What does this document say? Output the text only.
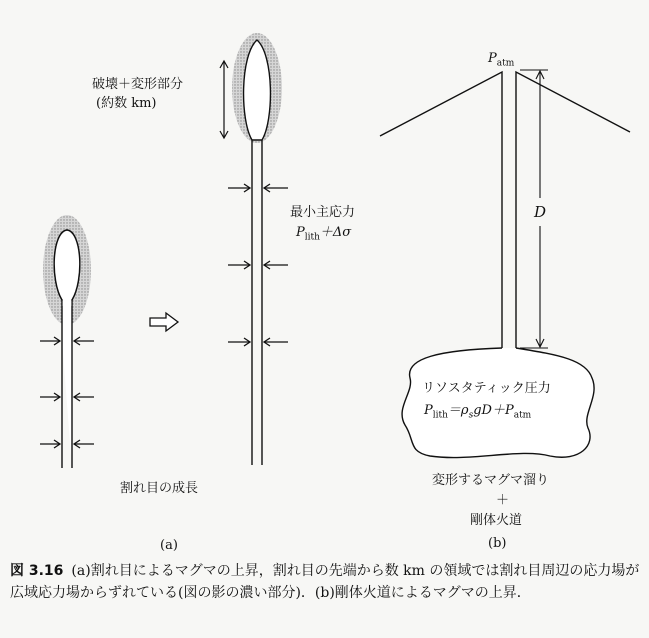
破壊＋変形部分
(約数 km)
最小主応力
$P_{lith}+\Delta\sigma$
割れ目の成長
(a)
$P_{atm}$
D
リソスタティック圧力
$P_{lith}=\rho_sgD+P_{atm}$
変形するマグマ溜り
＋
剛体火道
(b)
図 3.16 (a)割れ目によるマグマの上昇，割れ目の先端から数 km の領域では割れ目周辺の応力場が広域応力場からずれている(図の影の濃い部分)．(b)剛体火道によるマグマの上昇．
